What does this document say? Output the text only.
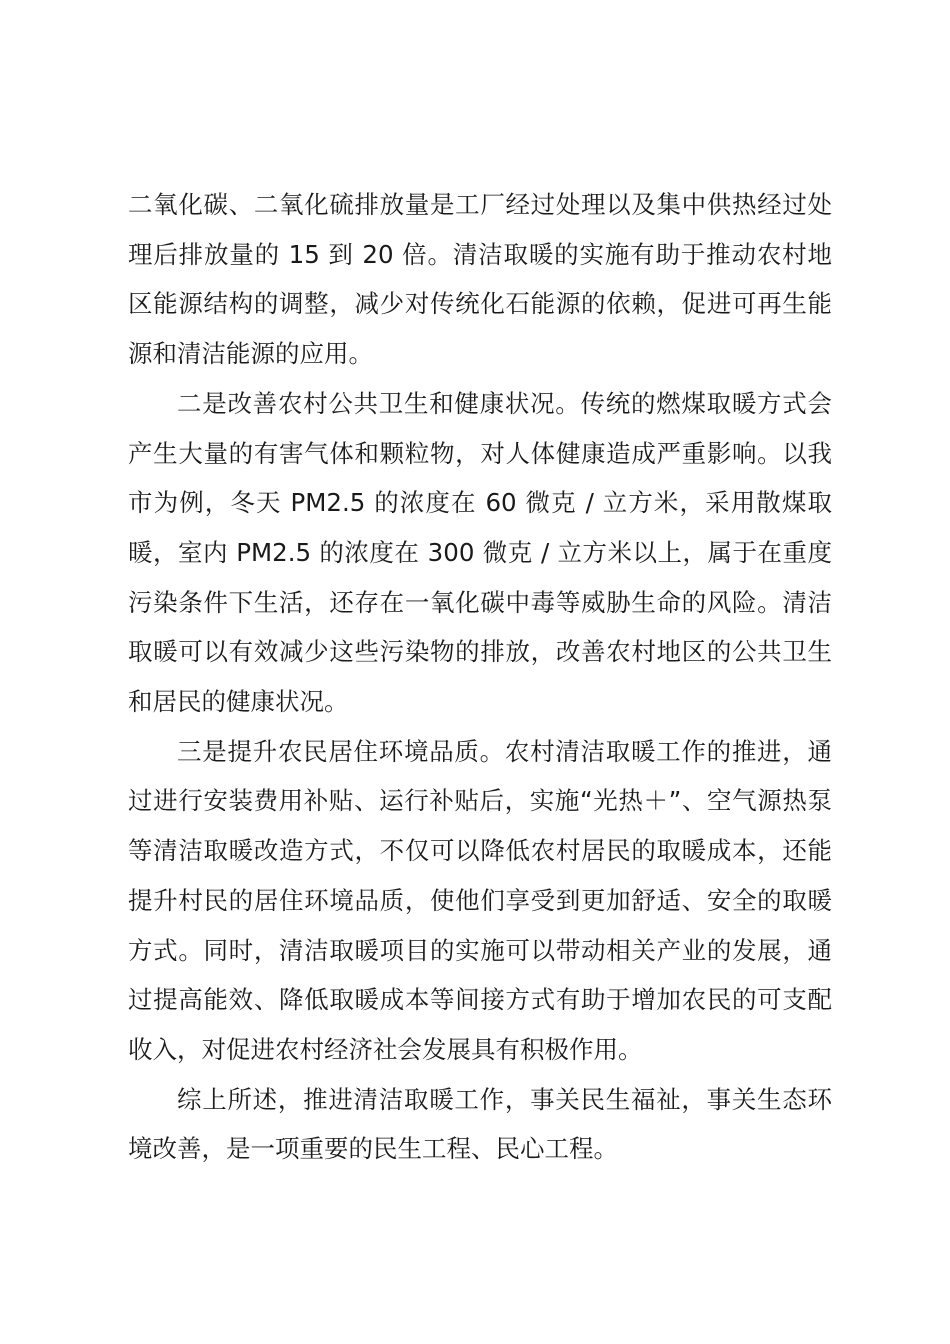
二氧化碳、二氧化硫排放量是工厂经过处理以及集中供热经过处理后排放量的 15 到 20 倍。清洁取暖的实施有助于推动农村地区能源结构的调整，减少对传统化石能源的依赖，促进可再生能源和清洁能源的应用。

二是改善农村公共卫生和健康状况。传统的燃煤取暖方式会产生大量的有害气体和颗粒物，对人体健康造成严重影响。以我市为例，冬天 PM2.5 的浓度在 60 微克 / 立方米，采用散煤取暖，室内 PM2.5 的浓度在 300 微克 / 立方米以上，属于在重度污染条件下生活，还存在一氧化碳中毒等威胁生命的风险。清洁取暖可以有效减少这些污染物的排放，改善农村地区的公共卫生和居民的健康状况。

三是提升农民居住环境品质。农村清洁取暖工作的推进，通过进行安装费用补贴、运行补贴后，实施“光热＋”、空气源热泵等清洁取暖改造方式，不仅可以降低农村居民的取暖成本，还能提升村民的居住环境品质，使他们享受到更加舒适、安全的取暖方式。同时，清洁取暖项目的实施可以带动相关产业的发展，通过提高能效、降低取暖成本等间接方式有助于增加农民的可支配收入，对促进农村经济社会发展具有积极作用。

综上所述，推进清洁取暖工作，事关民生福祉，事关生态环境改善，是一项重要的民生工程、民心工程。
